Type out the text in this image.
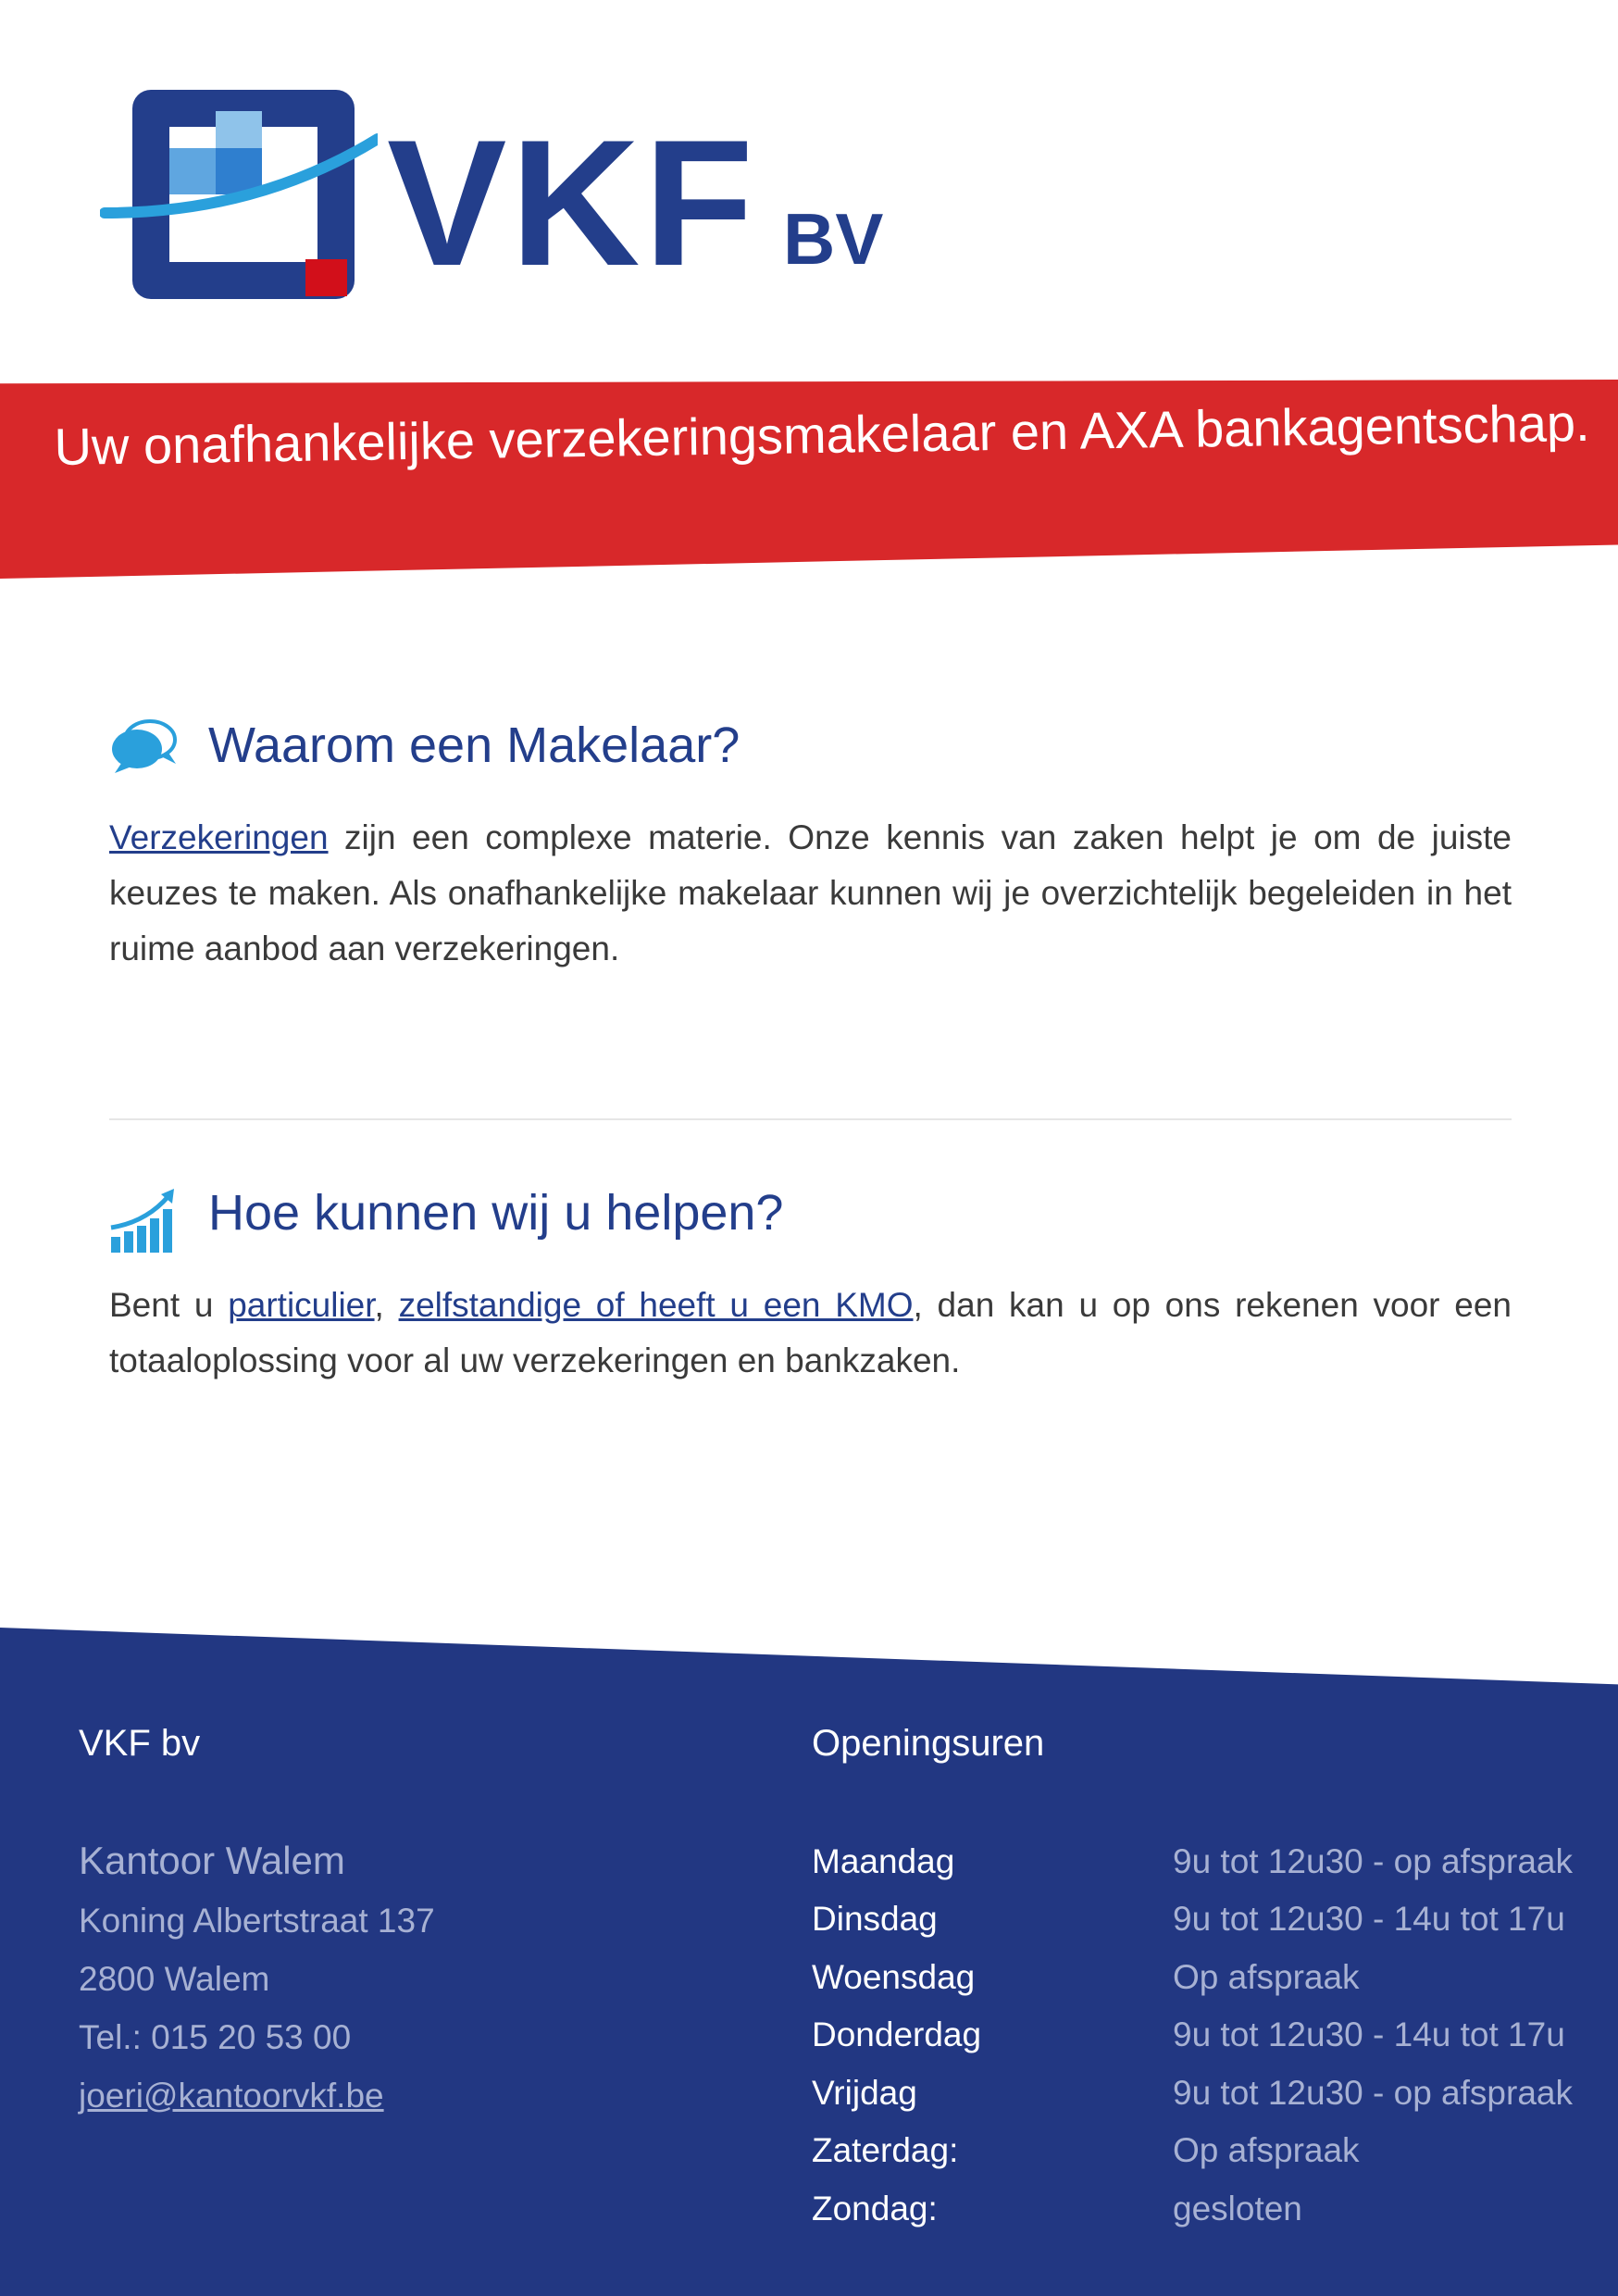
VKF BV
Uw onafhankelijke verzekeringsmakelaar en AXA bankagentschap.
Waarom een Makelaar?

Verzekeringen zijn een complexe materie. Onze kennis van zaken helpt je om de juiste keuzes te maken. Als onafhankelijke makelaar kunnen wij je overzichtelijk begeleiden in het ruime aanbod aan verzekeringen.

Hoe kunnen wij u helpen?

Bent u particulier, zelfstandige of heeft u een KMO, dan kan u op ons rekenen voor een totaaloplossing voor al uw verzekeringen en bankzaken.

VKF bv
Kantoor Walem
Koning Albertstraat 137
2800 Walem
Tel.: 015 20 53 00
joeri@kantoorvkf.be
Openingsuren
Maandag	9u tot 12u30 - op afspraak
Dinsdag	9u tot 12u30 - 14u tot 17u
Woensdag	Op afspraak
Donderdag	9u tot 12u30 - 14u tot 17u
Vrijdag	9u tot 12u30 - op afspraak
Zaterdag:	Op afspraak
Zondag:	gesloten
